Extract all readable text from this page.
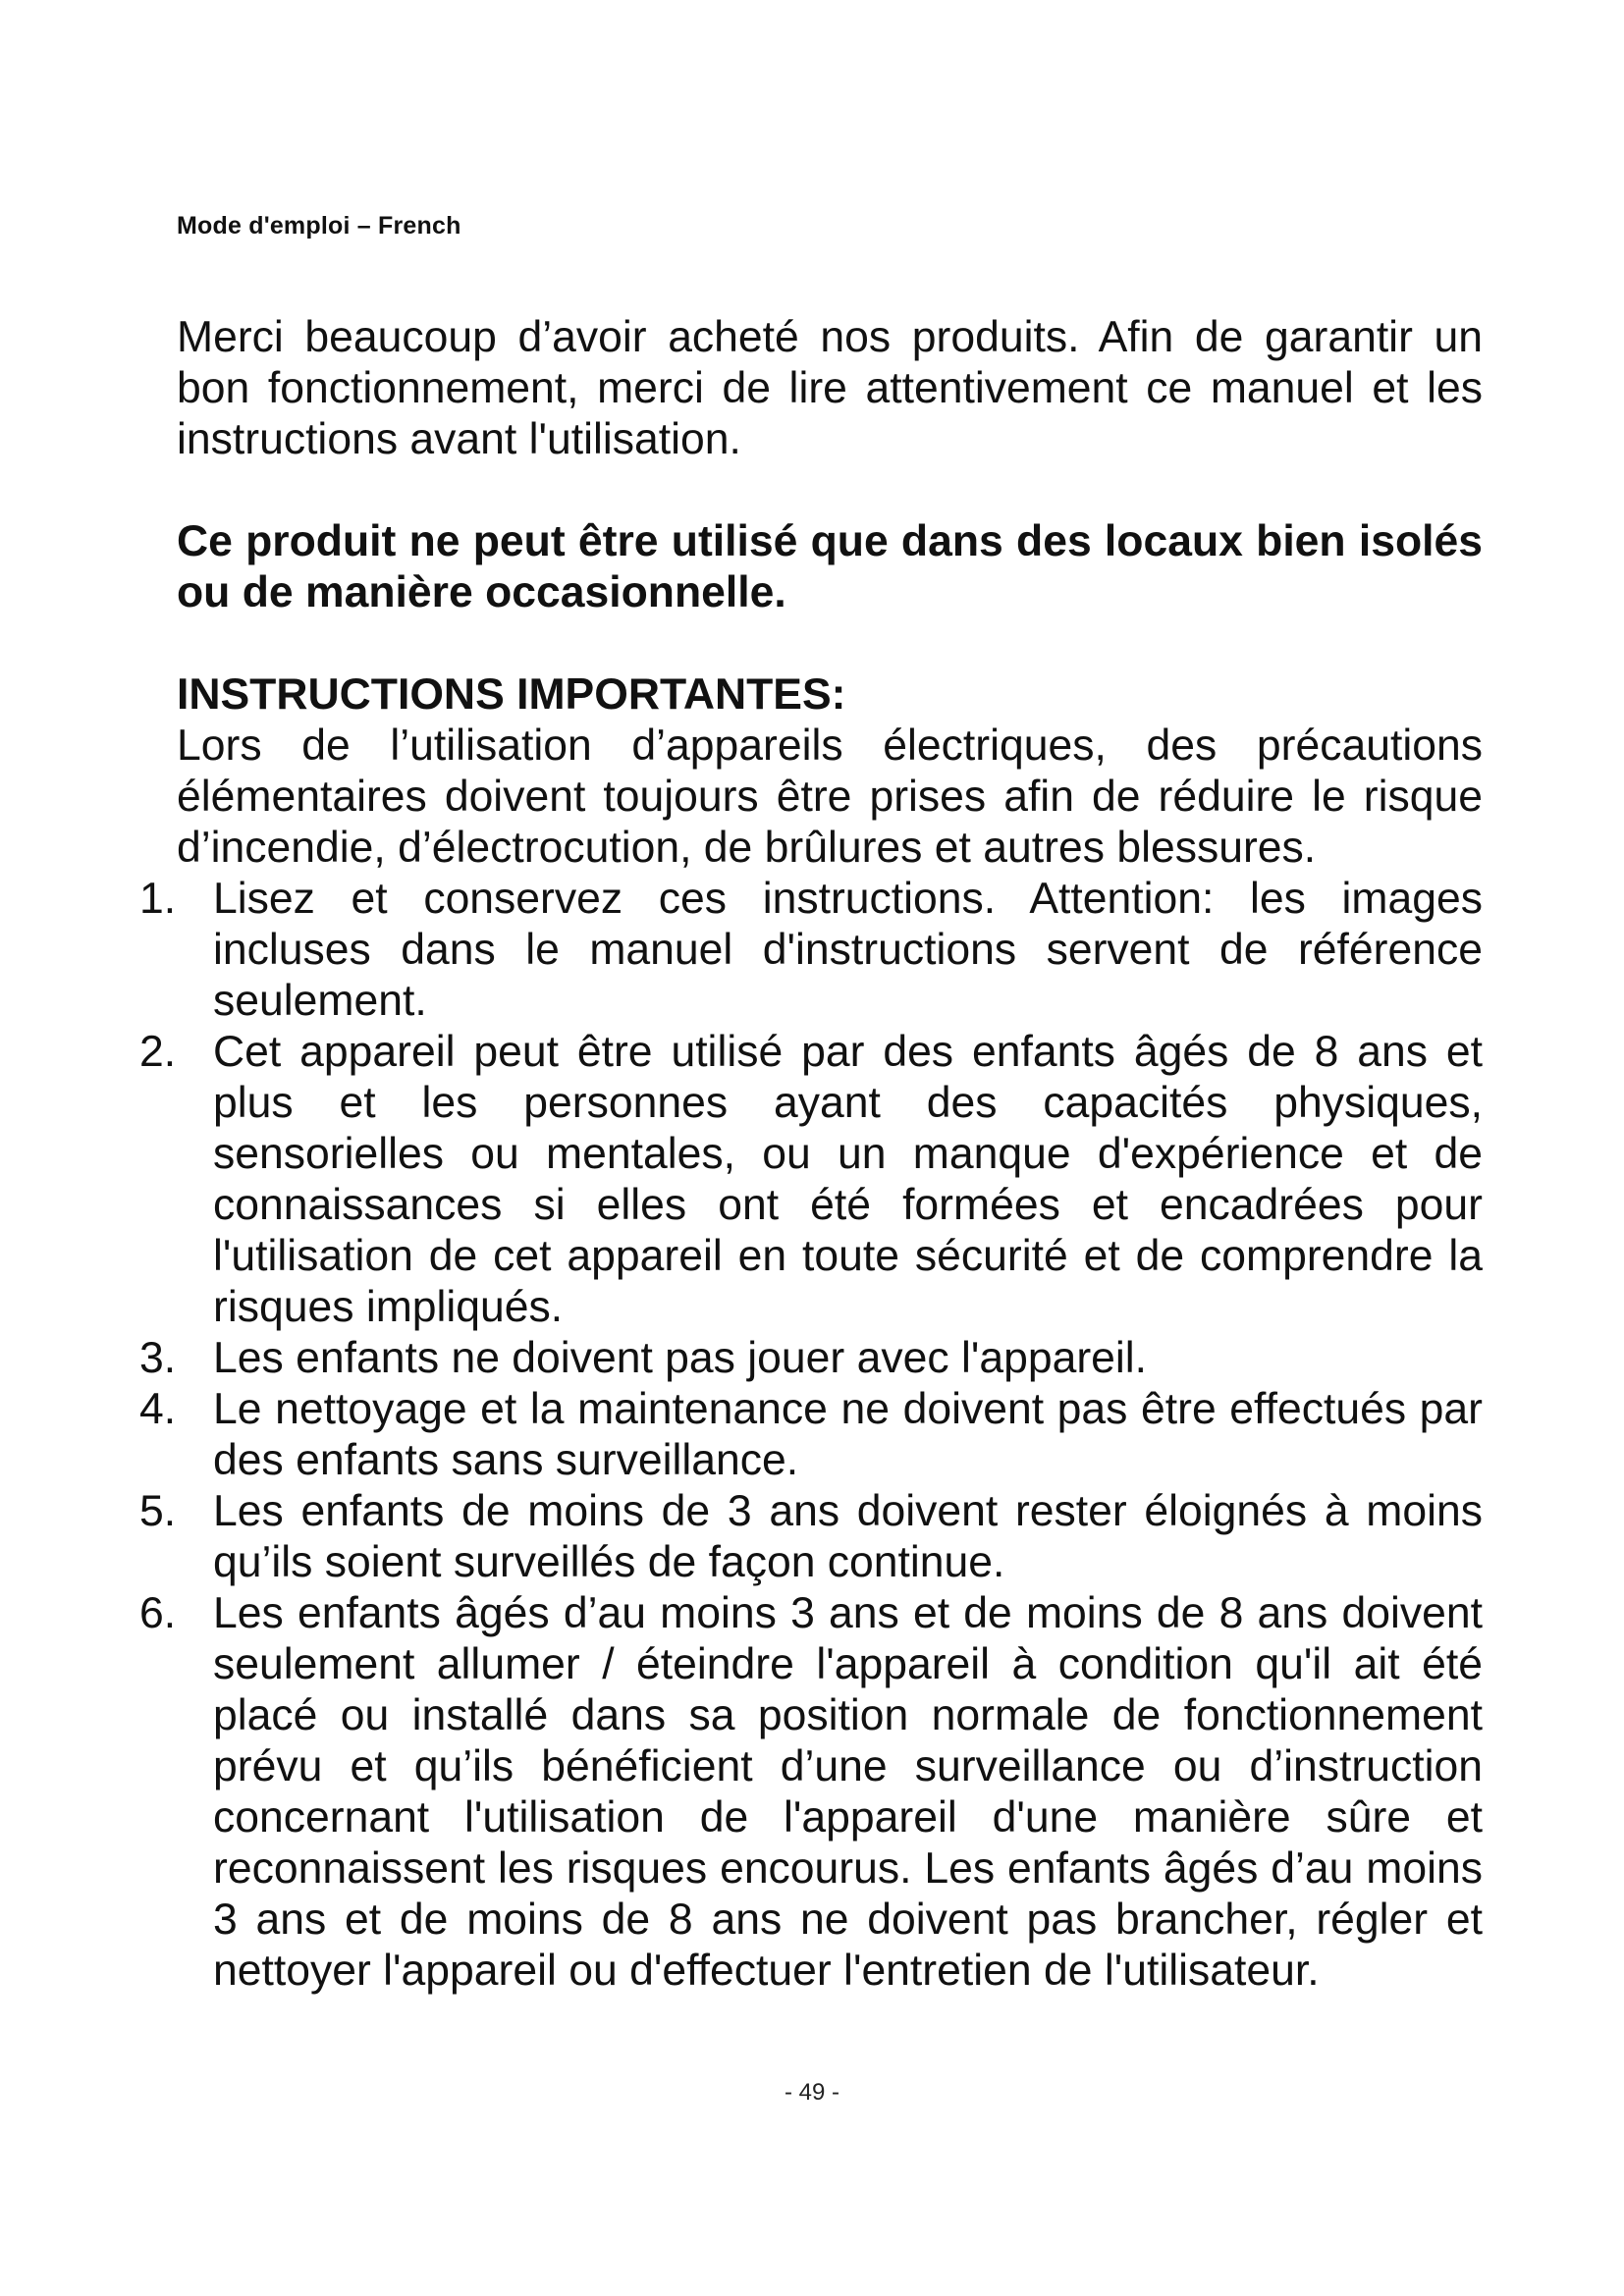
Mode d'emploi – French

Merci beaucoup d’avoir acheté nos produits. Afin de garantir un bon fonctionnement, merci de lire attentivement ce manuel et les instructions avant l'utilisation.

Ce produit ne peut être utilisé que dans des locaux bien isolés ou de manière occasionnelle.

INSTRUCTIONS IMPORTANTES:

Lors de l’utilisation d’appareils électriques, des précautions élémentaires doivent toujours être prises afin de réduire le risque d’incendie, d’électrocution, de brûlures et autres blessures.

1. Lisez et conservez ces instructions. Attention: les images incluses dans le manuel d'instructions servent de référence seulement.
2. Cet appareil peut être utilisé par des enfants âgés de 8 ans et plus et les personnes ayant des capacités physiques, sensorielles ou mentales, ou un manque d'expérience et de connaissances si elles ont été formées et encadrées pour l'utilisation de cet appareil en toute sécurité et de comprendre la risques impliqués.
3. Les enfants ne doivent pas jouer avec l'appareil.
4. Le nettoyage et la maintenance ne doivent pas être effectués par des enfants sans surveillance.
5. Les enfants de moins de 3 ans doivent rester éloignés à moins qu’ils soient surveillés de façon continue.
6. Les enfants âgés d’au moins 3 ans et de moins de 8 ans doivent seulement allumer / éteindre l'appareil à condition qu'il ait été placé ou installé dans sa position normale de fonctionnement prévu et qu’ils bénéficient d’une surveillance ou d’instruction concernant l'utilisation de l'appareil d'une manière sûre et reconnaissent les risques encourus. Les enfants âgés d’au moins 3 ans et de moins de 8 ans ne doivent pas brancher, régler et nettoyer l'appareil ou d'effectuer l'entretien de l'utilisateur.
- 49 -
